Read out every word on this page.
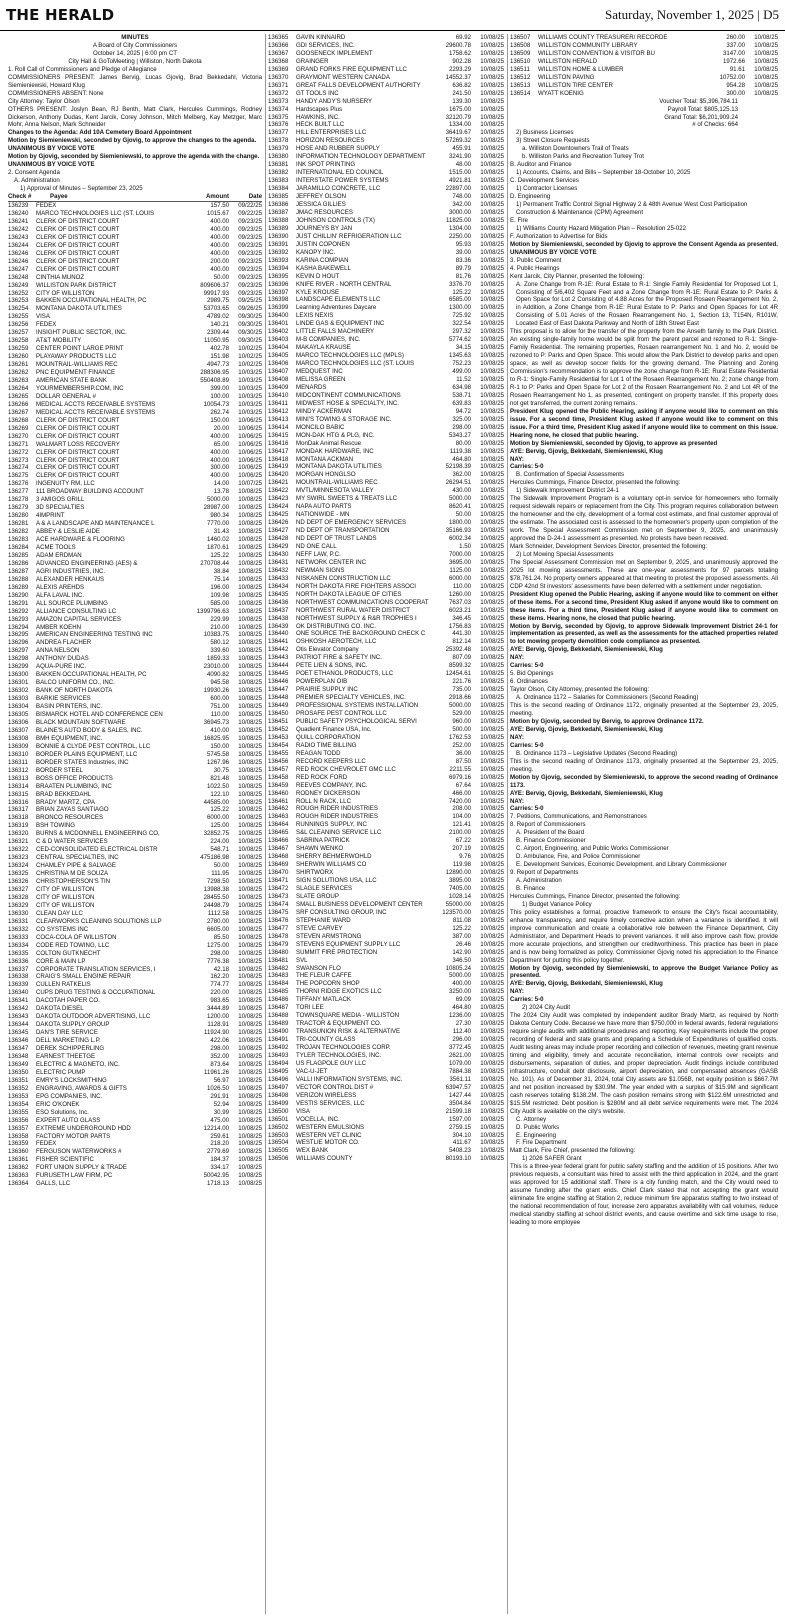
THE HERALD	Saturday, November 1, 2025 | D5
MINUTES
A Board of City Commissioners
October 14, 2025 | 6:00 pm CT
City Hall & GoToMeeting | Williston, North Dakota
1. Roll Call of Commissioners and Pledge of Allegiance
COMMISSIONERS PRESENT: James Bervig, Lucas Gjovig, Brad Bekkedahl, Victoria Siemieniewski, Howard Klug
COMMISSIONERS ABSENT: None
City Attorney: Taylor Olson
OTHERS PRESENT: Joslyn Bean, RJ Benth, Matt Clark, Hercules Cummings, Rodney Dickerson, Anthony Dudas, Kent Jarcik, Corey Johnson, Mitch Melberg, Kay Metzger, Marc Mohr, Anna Nelson, Mark Schneider
Changes to the Agenda: Add 10A Cemetery Board Appointment
Motion by Siemieniewski, seconded by Gjovig, to approve the changes to the agenda.
UNANIMOUS BY VOICE VOTE
Motion by Gjovig, seconded by Siemieniewski, to approve the agenda with the change.
UNANIMOUS BY VOICE VOTE
2. Consent Agenda
A. Administration
1) Approval of Minutes – September 23, 2025
Check #	Payee	Amount	Date
136239	FEDEX	157.50	09/22/25
136240	MARCO TECHNOLOGIES LLC (ST. LOUIS	1015.67	09/22/25
136241	CLERK OF DISTRICT COURT	400.00	09/23/25
136242	CLERK OF DISTRICT COURT	400.00	09/23/25
136243	CLERK OF DISTRICT COURT	400.00	09/23/25
136244	CLERK OF DISTRICT COURT	400.00	09/23/25
136246	CLERK OF DISTRICT COURT	400.00	09/23/25
136246	CLERK OF DISTRICT COURT	200.00	09/23/25
136247	CLERK OF DISTRICT COURT	400.00	09/23/25
136248	CINTHIA MUNOZ	50.00	09/23/25
136249	WILLISTON PARK DISTRICT	809606.37	09/23/25
136252	CITY OF WILLISTON	99917.93	09/23/25
136253	BAKKEN OCCUPATIONAL HEALTH, PC	2989.75	09/25/25
136254	MONTANA DAKOTA UTILITIES	53703.65	09/26/25
136255	VISA	4789.02	09/30/25
136256	FEDEX	140.21	09/30/25
136257	INSIGHT PUBLIC SECTOR, INC.	2309.44	09/30/25
136258	AT&T MOBILITY	11050.95	09/30/25
136259	CENTER POINT LARGE PRINT	402.78	10/02/25
136260	PLAYAWAY PRODUCTS LLC	151.98	10/02/25
136261	MOUNTRAIL-WILLIAMS REC	4947.73	10/02/25
136262	PNC EQUIPMENT FINANCE	288306.95	10/03/25
136263	AMERICAN STATE BANK	550408.89	10/03/25
136264	YOURMEMBERSHIP.COM, INC	399.00	10/03/25
136265	DOLLAR GENERAL #	100.00	10/03/25
136266	MEDICAL ACCTS RECEIVABLE SYSTEMS	10054.73	10/03/25
136267	MEDICAL ACCTS RECEIVABLE SYSTEMS	262.74	10/03/25
136268	CLERK OF DISTRICT COURT	150.00	10/06/25
136269	CLERK OF DISTRICT COURT	20.00	10/06/25
136270	CLERK OF DISTRICT COURT	400.00	10/06/25
136271	WALMART LOSS RECOVERY	65.00	10/06/25
136272	CLERK OF DISTRICT COURT	400.00	10/06/25
136273	CLERK OF DISTRICT COURT	400.00	10/06/25
136274	CLERK OF DISTRICT COURT	300.00	10/06/25
136275	CLERK OF DISTRICT COURT	400.00	10/06/25
136276	INGENUITY RM, LLC	14.00	10/07/25
136277	111 BROADWAY BUILDING ACCOUNT	13.78	10/08/25
136278	3 AMIGOS GRILL	5000.00	10/08/25
136279	3D SPECIALTIES	28987.00	10/08/25
136280	4IMPRINT	980.34	10/08/25
136281	A & A LANDSCAPE AND MAINTENANCE L	7770.00	10/08/25
136282	ABBEY & LESLIE AIDE	31.43	10/08/25
136283	ACE HARDWARE & FLOORING	1460.02	10/08/25
136284	ACME TOOLS	1870.61	10/08/25
136285	ADAM ERDMAN	125.22	10/08/25
136286	ADVANCED ENGINEERING (AES) &	270708.44	10/08/25
136287	AGRI INDUSTRIES, INC.	38.84	10/08/25
136288	ALEXANDER HENKAUS	75.14	10/08/25
136289	ALEXIS AREHDS	196.00	10/08/25
136290	ALFA LAVAL INC.	109.98	10/08/25
136291	ALL SOURCE PLUMBING	585.00	10/08/25
136292	ALLIANCE CONSULTING LC	1399796.63	10/08/25
136293	AMAZON CAPITAL SERVICES	229.99	10/08/25
136294	AMBER KOEHN	210.00	10/08/25
136295	AMERICAN ENGINEERING TESTING INC	10383.75	10/08/25
136296	ANDREA FLACHER	580.12	10/08/25
136297	ANNA NELSON	339.60	10/08/25
136298	ANTHONY DUDAS	1859.33	10/08/25
136299	AQUA-PURE INC.	23010.00	10/08/25
136300	BAKKEN OCCUPATIONAL HEALTH, PC	4090.82	10/08/25
136301	BALCO UNIFORM CO., INC.	945.58	10/08/25
136302	BANK OF NORTH DAKOTA	19930.26	10/08/25
136303	BARKIE SERVICES	600.00	10/08/25
136304	BASIN PRINTERS, INC.	751.00	10/08/25
136305	BISMARCK HOTEL AND CONFERENCE CEN	110.00	10/08/25
136306	BLACK MOUNTAIN SOFTWARE	36945.73	10/08/25
136307	BLAINE'S AUTO BODY & SALES, INC.	410.00	10/08/25
136308	BMH EQUIPMENT, INC.	16825.95	10/08/25
136309	BONNIE & CLYDE PEST CONTROL, LLC	150.00	10/08/25
136310	BORDER PLAINS EQUIPMENT, LLC	5745.58	10/08/25
136311	BORDER STATES Industries, INC	1267.96	10/08/25
136312	BORDER STEEL	30.75	10/08/25
136313	BOSS OFFICE PRODUCTS	821.48	10/08/25
136314	BRAATEN PLUMBING, INC	1022.50	10/08/25
136315	BRAD BEKKEDAHL	122.10	10/08/25
136316	BRADY MARTZ, CPA	44585.00	10/08/25
136317	BRIAN ZAYAS SANTIAGO	125.22	10/08/25
136318	BRONCO RESOURCES	6000.00	10/08/25
136319	BSH TOWING	125.00	10/08/25
136320	BURNS & MCDONNELL ENGINEERING CO,	32852.75	10/08/25
136321	C & D WATER SERVICES	224.00	10/08/25
136322	CED-CONSOLIDATED ELECTRICAL DISTR	548.71	10/08/25
136323	CENTRAL SPECIALTIES, INC	475186.98	10/08/25
136324	CHAMLEY PIPE & SALVAGE	50.00	10/08/25
136325	CHRISTINA M DE SOUZA	111.95	10/08/25
136326	CHRISTOPHERSON'S TIN	7298.50	10/08/25
136327	CITY OF WILLISTON	13988.38	10/08/25
136328	CITY OF WILLISTON	28455.50	10/08/25
136329	CITY OF WILLISTON	24498.79	10/08/25
136330	CLEAN DAY LLC	1112.58	10/08/25
136331	CLEARWORKS CLEANING SOLUTIONS LLP	2780.00	10/08/25
136332	CO SYSTEMS INC	6605.00	10/08/25
136333	COCA-COLA OF WILLISTON	85.50	10/08/25
136334	CODE RED TOWING, LLC	1275.00	10/08/25
136335	COLTON GUTKNECHT	298.00	10/08/25
136336	CORE & MAIN LP	7776.38	10/08/25
136337	CORPORATE TRANSLATION SERVICES, I	42.18	10/08/25
136338	CRAIG'S SMALL ENGINE REPAIR	162.20	10/08/25
136339	CULLEN RATKELIS	774.77	10/08/25
136340	CUPS DRUG TESTING & OCCUPATIONAL	220.00	10/08/25
136341	DACOTAH PAPER CO.	983.65	10/08/25
136342	DAKOTA DIESEL	3444.89	10/08/25
136343	DAKOTA OUTDOOR ADVERTISING, LLC	1200.00	10/08/25
136344	DAKOTA SUPPLY GROUP	1128.91	10/08/25
136345	DAN'S TIRE SERVICE	11924.90	10/08/25
136346	DELL MARKETING L.P.	422.06	10/08/25
136347	DEREK SCHIPPERLING	298.00	10/08/25
136348	EARNEST THEETGE	352.00	10/08/25
136349	ELECTRIC & MAGNETO, INC.	873.64	10/08/25
136350	ELECTRIC PUMP	11961.26	10/08/25
136351	EMRY'S LOCKSMITHING	56.97	10/08/25
136352	ENGRAVING, AWARDS & GIFTS	1026.50	10/08/25
136353	EPG COMPANIES, INC.	291.91	10/08/25
136354	ERIC O'KONEK	52.94	10/08/25
136355	ESO Solutions, Inc.	30.99	10/08/25
136356	EXPERT AUTO GLASS	475.00	10/08/25
136357	EXTREME UNDERGROUND HDD	12214.00	10/08/25
136358	FACTORY MOTOR PARTS	259.61	10/08/25
136359	FEDEX	218.20	10/08/25
136360	FERGUSON WATERWORKS #	2779.69	10/08/25
136361	FISHER SCIENTIFIC	184.37	10/08/25
136362	FORT UNION SUPPLY & TRADE	334.17	10/08/25
136363	FURUSETH LAW FIRM, PC	50042.95	10/08/25
136364	GALLS, LLC	1718.13	10/08/25
136365	GAVIN KINNAIRD	69.92	10/08/25
136366	GDI SERVICES, INC.	29600.78	10/08/25
136367	GOOSENECK IMPLEMENT	1758.62	10/08/25
136368	GRAINGER	902.28	10/08/25
136369	GRAND FORKS FIRE EQUIPMENT LLC	2293.29	10/08/25
136370	GRAYMONT WESTERN CANADA	14552.37	10/08/25
136371	GREAT FALLS DEVELOPMENT AUTHORITY	636.82	10/08/25
136372	GT TOOLS INC	241.50	10/08/25
136373	HANDY ANDY'S NURSERY	139.30	10/08/25
136374	Hardscapes Plus	1675.00	10/08/25
136375	HAWKINS, INC.	32120.79	10/08/25
136376	HECK BUILT LLC	1334.00	10/08/25
136377	HILL ENTERPRISES LLC	36419.67	10/08/25
136378	HORIZON RESOURCES	57269.32	10/08/25
136379	HOSE AND RUBBER SUPPLY	455.91	10/08/25
136380	INFORMATION TECHNOLOGY DEPARTMENT	3241.90	10/08/25
136381	INK SPOT PRINTING	48.00	10/08/25
136382	INTERNATIONAL ED COUNCIL	1515.00	10/08/25
136383	INTERSTATE POWER SYSTEMS	4921.81	10/08/25
136384	JARAMILLO CONCRETE, LLC	22897.00	10/08/25
136385	JEFFREY OLSON	748.00	10/08/25
136386	JESSICA GILLIES	342.00	10/08/25
136387	JMAC RESOURCES	3000.00	10/08/25
136388	JOHNSON CONTROLS (TX)	11825.00	10/08/25
136389	JOURNEYS BY JAN	1304.00	10/08/25
136390	JUST CHILLIN' REFRIGERATION LLC	2250.00	10/08/25
136391	JUSTIN COPONEN	95.93	10/08/25
136392	KANOPY INC.	39.00	10/08/25
136393	KARINA COMPIAN	83.36	10/08/25
136394	KASHA BAKEWELL	89.79	10/08/25
136395	KEVIN D HOUT	81.76	10/08/25
136396	KNIFE RIVER - NORTH CENTRAL	3376.70	10/08/25
136397	KYLE KROUSE	125.22	10/08/25
136398	LANDSCAPE ELEMENTS LLC	6585.00	10/08/25
136399	Learning Adventures Daycare	1300.00	10/08/25
136400	LEXIS NEXIS	725.92	10/08/25
136401	LINDE GAS & EQUIPMENT INC	322.54	10/08/25
136402	LITTLE FALLS MACHINERY	297.32	10/08/25
136403	M-B COMPANIES, INC.	5774.62	10/08/25
136404	MAKAYLA KRAUSE	34.15	10/08/25
136405	MARCO TECHNOLOGIES LLC (MPLS)	1345.63	10/08/25
136406	MARCO TECHNOLOGIES LLC (ST. LOUIS	752.23	10/08/25
136407	MEDQUEST INC	499.00	10/08/25
136408	MELISSA GREEN	11.52	10/08/25
136409	MENARDS	634.98	10/08/25
136410	MIDCONTINENT COMMUNICATIONS	538.71	10/08/25
136411	MIDWEST HOSE & SPECIALTY, INC.	639.83	10/08/25
136412	MINDY ACKERMAN	94.72	10/08/25
136413	MINI'S TOWING & STORAGE INC.	325.00	10/08/25
136414	MONCILO BABIC	298.00	10/08/25
136415	MON-DAK HTG & PLG, INC.	5343.27	10/08/25
136416	MonDak Animal Rescue	80.00	10/08/25
136417	MONDAK HARDWARE, INC	1119.38	10/08/25
136418	MONTANA ACKMAN	464.80	10/08/25
136419	MONTANA DAKOTA UTILITIES	52198.39	10/08/25
136420	MORGAN HONGLSO	362.00	10/08/25
136421	MOUNTRAIL-WILLIAMS REC	26294.51	10/08/25
136422	MVTL/MINNESOTA VALLEY	430.00	10/08/25
136423	MY SWIRL SWEETS & TREATS LLC	5000.00	10/08/25
136424	NAPA AUTO PARTS	8620.41	10/08/25
136425	NATIONWIDE - MN	50.00	10/08/25
136426	ND DEPT OF EMERGENCY SERVICES	1800.00	10/08/25
136427	ND DEPT OF TRANSPORTATION	35166.93	10/08/25
136428	ND DEPT OF TRUST LANDS	6002.34	10/08/25
136429	ND ONE CALL	1.50	10/08/25
136430	NEFF LAW, P.C.	7000.00	10/08/25
136431	NETWORK CENTER INC	3695.00	10/08/25
136432	NEWMAN SIGNS	1125.00	10/08/25
136433	NISKANEN CONSTRUCTION LLC	6000.00	10/08/25
136434	NORTH DAKOTA FIRE FIGHTERS ASSOCI	110.00	10/08/25
136435	NORTH DAKOTA LEAGUE OF CITIES	1260.00	10/08/25
136436	NORTHWEST COMMUNICATIONS COOPERAT	7637.03	10/08/25
136437	NORTHWEST RURAL WATER DISTRICT	6023.21	10/08/25
136438	NORTHWEST SUPPLY & R&R TROPHIES I	346.45	10/08/25
136439	OK DISTRIBUTING CO. INC.	1756.83	10/08/25
136440	ONE SOURCE THE BACKGROUND CHECK C	441.30	10/08/25
136441	OSHKOSH AEROTECH, LLC	812.14	10/08/25
136442	Otis Elevator Company	25392.48	10/08/25
136443	PATRIOT FIRE & SAFETY INC.	807.09	10/08/25
136444	PETE LIEN & SONS, INC.	8599.32	10/08/25
136445	POET ETHANOL PRODUCTS, LLC	12454.61	10/08/25
136446	POWERPLAN OIB	221.76	10/08/25
136447	PRAIRIE SUPPLY INC	735.00	10/08/25
136448	PREMIER SPECIALTY VEHICLES, INC.	2918.66	10/08/25
136449	PROFESSIONAL SYSTEMS INSTALLATION	5000.00	10/08/25
136450	PROSAFE PEST CONTROL LLC	529.00	10/08/25
136451	PUBLIC SAFETY PSYCHOLOGICAL SERVI	960.00	10/08/25
136452	Quadient Finance USA, Inc.	500.00	10/08/25
136453	QUILL CORPORATION	1762.53	10/08/25
136454	RADIO TIME BILLING	252.00	10/08/25
136455	REAGAN TODD	36.00	10/08/25
136456	RECORD KEEPERS LLC	87.50	10/08/25
136457	RED ROCK CHEVROLET GMC LLC	2211.55	10/08/25
136458	RED ROCK FORD	6979.16	10/08/25
136459	REEVES COMPANY, INC.	67.64	10/08/25
136460	RODNEY DICKERSON	466.00	10/08/25
136461	ROLL N RACK, LLC	7420.00	10/08/25
136462	ROUGH RIDER INDUSTRIES	208.00	10/08/25
136463	ROUGH RIDER INDUSTRIES	104.00	10/08/25
136464	RUNNINGS SUPPLY, INC	121.41	10/08/25
136465	S&L CLEANING SERVICE LLC	2100.00	10/08/25
136466	SABRINA PATRICK	67.22	10/08/25
136467	SHAWN WENKO	207.19	10/08/25
136468	SHERRY BEHMERWOHLD	9.76	10/08/25
136469	SHERWIN WILLIAMS CO	119.98	10/08/25
136470	SHIRTWORX	12890.00	10/08/25
136471	SIGN SOLUTIONS USA, LLC	3895.00	10/08/25
136472	SLAGLE SERVICES	7405.00	10/08/25
136473	SLATE GROUP	1028.14	10/08/25
136474	SMALL BUSINESS DEVELOPMENT CENTER	55000.00	10/08/25
136475	SRF CONSULTING GROUP, INC	123570.00	10/08/25
136476	STEPHANIE WARD	811.08	10/08/25
136477	STEVE CARVEY	125.22	10/08/25
136478	STEVEN ARMSTRONG	387.00	10/08/25
136479	STEVENS EQUIPMENT SUPPLY LLC	26.46	10/08/25
136480	SUMMIT FIRE PROTECTION	142.90	10/08/25
136481	SVL	346.50	10/08/25
136482	SWANSON FLO	10805.24	10/08/25
136483	THE FLEUR CAFFE	5000.00	10/08/25
136484	THE POPCORN SHOP	400.00	10/08/25
136485	THORNI RIDGE EXOTICS LLC	3250.00	10/08/25
136486	TIFFANY MATLACK	69.09	10/08/25
136487	TORI LEE	464.80	10/08/25
136488	TOWNSQUARE MEDIA - WILLISTON	1236.00	10/08/25
136489	TRACTOR & EQUIPMENT CO.	27.30	10/08/25
136490	TRANSUNION RISK & ALTERNATIVE	112.40	10/08/25
136491	TRI-COUNTY GLASS	296.00	10/08/25
136492	TROJAN TECHNOLOGIES CORP.	3772.45	10/08/25
136493	TYLER TECHNOLOGIES, INC.	2621.00	10/08/25
136494	US FLAGPOLE GUY LLC	1079.00	10/08/25
136495	VAC-U-JET	7884.38	10/08/25
136496	VALLI INFORMATION SYSTEMS, INC.	3561.11	10/08/25
136497	VECTOR CONTROL DIST #	63947.57	10/08/25
136498	VERIZON WIRELESS	1427.44	10/08/25
136499	VESTIS SERVICES, LLC	3504.84	10/08/25
136500	VISA	21599.18	10/08/25
136501	VOCELLA, INC.	1597.00	10/08/25
136502	WESTERN EMULSIONS	2759.15	10/08/25
136503	WESTERN VET CLINIC	304.10	10/08/25
136504	WESTLIE MOTOR CO.	411.67	10/08/25
136505	WEX BANK	5408.23	10/08/25
136506	WILLIAMS COUNTY	80193.10	10/08/25
136507	WILLIAMS COUNTY TREASURER/ RECORDE	260.00	10/08/25
136508	WILLISTON COMMUNITY LIBRARY	337.00	10/08/25
136509	WILLISTON CONVENTION & VISITOR BU	3147.00	10/08/25
136510	WILLISTON HERALD	1972.66	10/08/25
136511	WILLISTON HOME & LUMBER	91.61	10/08/25
136512	WILLISTON PAVING	10752.00	10/08/25
136513	WILLISTON TIRE CENTER	954.28	10/08/25
136514	WYATT KOENIG	300.00	10/08/25
Voucher Total: $5,396,784.11
Payroll Total: $805,125.13
Grand Total: $6,201,909.24
# of Checks: 664
2) Business Licenses
3) Street Closure Requests
a. Williston Downtowners Trail of Treats
b. Williston Parks and Recreation Turkey Trot
B. Auditor and Finance
1) Accounts, Claims, and Bills – September 18-October 10, 2025
C. Development Services
1) Contractor Licenses
D. Engineering
1) Permanent Traffic Control Signal Highway 2 & 48th Avenue West Cost Participation Construction & Maintenance (CPM) Agreement
E. Fire
1) Williams County Hazard Mitigation Plan – Resolution 25-022
F. Authorization to Advertise for Bids
Motion by Siemieniewski, seconded by Gjovig to approve the Consent Agenda as presented.
UNANIMOUS BY VOICE VOTE
3. Public Comment
4. Public Hearings
Kent Jarcik, City Planner, presented the following:
A. Zone Change from R-1E: Rural Estate to R-1: Single Family Residential for Proposed Lot 1, Consisting of 5/6,402 Square Feet and a Zone Change from R-1E: Rural Estate to P: Parks & Open Space for Lot 2 Consisting of 4.88 Acres for the Proposed Rosaen Rearrangement No. 2, in Addition, a Zone Change from R-1E: Rural Estate to P: Parks and Open Spaces for Lot 4R Consisting of 5.01 Acres of the Rosaen Rearrangement No. 1, Section 13, T154N, R101W, Located East of East Dakota Parkway and North of 18th Street East
This proposal is to allow for the transfer of the property from the Anseth family to the Park District. An existing single-family home would be split from the parent parcel and rezoned to R-1: Single-Family Residential. The remaining properties, Rosaen rearrangement No. 1 and No. 2, would be rezoned to P: Parks and Open Space. This would allow the Park District to develop parks and open space, as well as develop soccer fields for the growing demand. The Planning and Zoning Commission's recommendation is to approve the zone change from R-1E: Rural Estate Residential to R-1: Single-Family Residential for Lot 1 of the Rosaen Rearrangement No. 2; zone change from R-1 to P: Parks and Open Space for Lot 2 of the Rosaen Rearrangement No. 2 and Lot 4R of the Rosaen Rearrangement No 1, as presented, contingent on property transfer. If this property does not get transferred, the current zoning remains.
President Klug opened the Public Hearing, asking if anyone would like to comment on this issue. For a second time, President Klug asked if anyone would like to comment on this issue. For a third time, President Klug asked if anyone would like to comment on this issue. Hearing none, he closed that public hearing.
Motion by Siemieniewski, seconded by Gjovig, to approve as presented
AYE: Bervig, Gjovig, Bekkedahl, Siemieniewski, Klug
NAY:
Carries: 5-0
B. Confirmation of Special Assessments
Hercules Cummings, Finance Director, presented the following:
1) Sidewalk Improvement District 24-1
The Sidewalk Improvement Program is a voluntary opt-in service for homeowners who formally request sidewalk repairs or replacement from the City. This program requires collaboration between the homeowner and the city, development of a formal cost estimate, and final customer approval of the estimate. The associated cost is assessed to the homeowner's property upon completion of the work. The Special Assessment Commission met on September 9, 2025, and unanimously approved the D-24-1 assessment as presented. No protests have been received.
Mark Schneider, Development Services Director, presented the following:
2) Lot Mowing Special Assessments
The Special Assessment Commission met on September 9, 2025, and unanimously approved the 2025 lot mowing assessments. These are one-year assessments for 97 parcels totaling $78,761.24. No property owners appeared at that meeting to protest the proposed assessments. All CDP 42nd St investors' assessments have been deferred with a settlement under negotiation.
President Klug opened the Public Hearing, asking if anyone would like to comment on either of these items. For a second time, President Klug asked if anyone would like to comment on these items. For a third time, President Klug asked if anyone would like to comment on these items. Hearing none, he closed that public hearing.
Motion by Bervig, seconded by Gjovig, to approve Sidewalk Improvement District 24-1 for implementation as presented, as well as the assessments for the attached properties related to lot mowing property demolition code compliance as presented.
AYE: Bervig, Gjovig, Bekkedahl, Siemieniewski, Klug
NAY:
Carries: 5-0
5. Bid Openings
6. Ordinances
Taylor Olson, City Attorney, presented the following:
A. Ordinance 1172 – Salaries for Commissioners (Second Reading)
This is the second reading of Ordinance 1172, originally presented at the September 23, 2025, meeting.
Motion by Gjovig, seconded by Bervig, to approve Ordinance 1172.
AYE: Bervig, Gjovig, Bekkedahl, Siemieniewski, Klug
NAY:
Carries: 5-0
B. Ordinance 1173 – Legislative Updates (Second Reading)
This is the second reading of Ordinance 1173, originally presented at the September 23, 2025, meeting.
Motion by Gjovig, seconded by Siemieniewski, to approve the second reading of Ordinance 1173.
AYE: Bervig, Gjovig, Bekkedahl, Siemieniewski, Klug
NAY:
Carries: 5-0
7. Petitions, Communications, and Remonstrances
8. Report of Commissioners
A. President of the Board
B. Finance Commissioner
C. Airport, Engineering, and Public Works Commissioner
D. Ambulance, Fire, and Police Commissioner
E. Development Services, Economic Development, and Library Commissioner
9. Report of Departments
A. Administration
B. Finance
Hercules Cummings, Finance Director, presented the following:
1) Budget Variance Policy
This policy establishes a formal, proactive framework to ensure the City's fiscal accountability, enhance transparency, and require timely corrective action when a variance is identified. It will improve communication and create a collaborative role between the Finance Department, City Administrator, and Department Heads to prevent variances. It will also improve cash flow, provide more accurate projections, and strengthen our creditworthiness. This practice has been in place and is now being formalized as policy. Commissioner Gjovig noted his appreciation to the Finance Department for putting this policy together.
Motion by Gjovig, seconded by Siemieniewski, to approve the Budget Variance Policy as presented.
AYE: Bervig, Gjovig, Bekkedahl, Siemieniewski, Klug
NAY:
Carries: 5-0
2) 2024 City Audit
The 2024 City Audit was completed by independent auditor Brady Martz, as required by North Dakota Century Code. Because we have more than $750,000 in federal awards, federal regulations require single audits with additional procedures and reporting. Key requirements include the proper recording of federal and state grants and preparing a Schedule of Expenditures of qualified costs. Audit testing areas may include proper recording and collection of revenues, meeting grant revenue timing and eligibility, timely and accurate reconciliation, internal controls over receipts and disbursements, separation of duties, and proper depreciation. Audit findings include contributed infrastructure, conduit debt disclosure, airport depreciation, and compensated absences (GASB No. 101). As of December 31, 2024, total City assets are $1.056B, net equity position is $667.7M and net position increased by $30.9M. The year ended with a surplus of $15.9M and significant cash reserves totaling $138.2M. The cash position remains strong with $122.6M unrestricted and $15.5M restricted. Debt position is $280M and all debt service requirements were met. The 2024 City Audit is available on the city's website.
C. Attorney
D. Public Works
E. Engineering
F. Fire Department
Matt Clark, Fire Chief, presented the following:
1) 2026 SAFER Grant
This is a three-year federal grant for public safety staffing and the addition of 15 positions. After two previous requests, a consultant was hired to assist with the third application in 2024, and the grant was approved for 15 additional staff. There is a city funding match, and the City would need to assume funding after the grant ends. Chief Clark stated that not accepting the grant would eliminate fire engine staffing at Station 2, reduce minimum fire apparatus staffing to two instead of the national recommendation of four, increase zero apparatus availability with call volumes, reduce medical standby staffing at school district events, and cause overtime and sick time usage to rise, leading to more employee
